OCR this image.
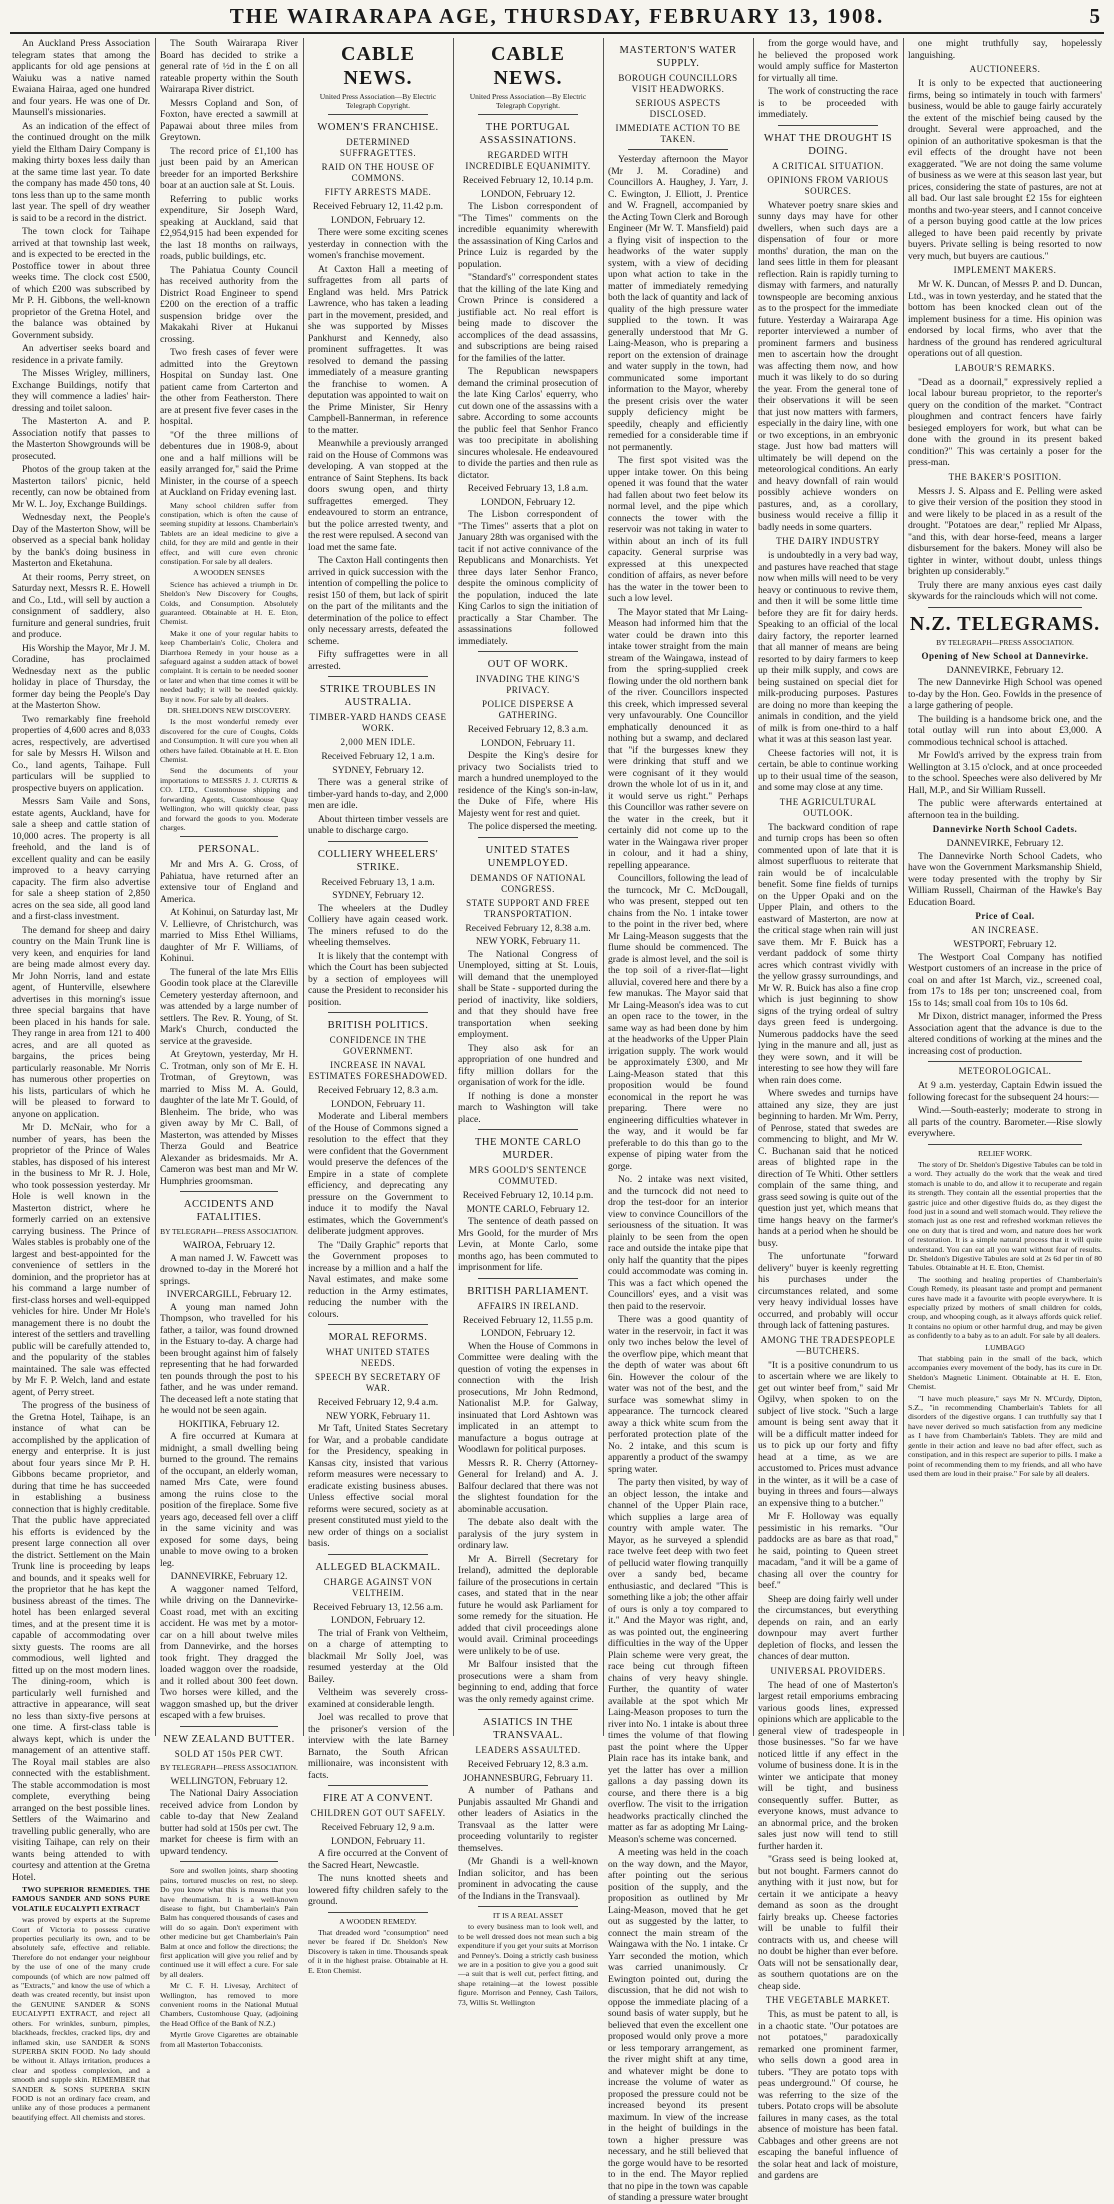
THE WAIRARAPA AGE, THURSDAY, FEBRUARY 13, 1908.	5

An Auckland Press Association telegram states that among the applicants for old age pensions at Waiuku was a native named Ewaiana Hairaa, aged one hundred and four years. He was one of Dr. Maunsell's missionaries.

As an indication of the effect of the continued drought on the milk yield the Eltham Dairy Company is making thirty boxes less daily than at the same time last year. To date the company has made 450 tons, 40 tons less than up to the same month last year. The spell of dry weather is said to be a record in the district.

The town clock for Taihape arrived at that township last week, and is expected to be erected in the Postoffice tower in about three weeks time. The clock cost £500, of which £200 was subscribed by Mr P. H. Gibbons, the well-known proprietor of the Gretna Hotel, and the balance was obtained by Government subsidy.

An advertiser seeks board and residence in a private family.

The Misses Wrigley, milliners, Exchange Buildings, notify that they will commence a ladies' hair-dressing and toilet saloon.

The Masterton A. and P. Association notify that passes to the Masterton Showgrounds will be prosecuted.

Photos of the group taken at the Masterton tailors' picnic, held recently, can now be obtained from Mr W. L. Joy, Exchange Buildings.

Wednesday next, the People's Day of the Masterton Show, will be observed as a special bank holiday by the bank's doing business in Masterton and Eketahuna.

At their rooms, Perry street, on Saturday next, Messrs R. E. Howell and Co., Ltd., will sell by auction a consignment of saddlery, also furniture and general sundries, fruit and produce.

His Worship the Mayor, Mr J. M. Coradine, has proclaimed Wednesday next as the public holiday in place of Thursday, the former day being the People's Day at the Masterton Show.

Two remarkably fine freehold properties of 4,600 acres and 8,033 acres, respectively, are advertised for sale by Messrs H. Wilson and Co., land agents, Taihape. Full particulars will be supplied to prospective buyers on application.

Messrs Sam Vaile and Sons, estate agents, Auckland, have for sale a sheep and cattle station of 10,000 acres. The property is all freehold, and the land is of excellent quality and can be easily improved to a heavy carrying capacity. The firm also advertise for sale a sheep station of 2,850 acres on the sea side, all good land and a first-class investment.

The demand for sheep and dairy country on the Main Trunk line is very keen, and enquiries for land are being made almost every day. Mr John Norris, land and estate agent, of Hunterville, elsewhere advertises in this morning's issue three special bargains that have been placed in his hands for sale. They range in area from 121 to 400 acres, and are all quoted as bargains, the prices being particularly reasonable. Mr Norris has numerous other properties on his lists, particulars of which he will be pleased to forward to anyone on application.

Mr D. McNair, who for a number of years, has been the proprietor of the Prince of Wales stables, has disposed of his interest in the business to Mr R. J. Hole, who took possession yesterday. Mr Hole is well known in the Masterton district, where he formerly carried on an extensive carrying business. The Prince of Wales stables is probably one of the largest and best-appointed for the convenience of settlers in the dominion, and the proprietor has at his command a large number of first-class horses and well-equipped vehicles for hire. Under Mr Hole's management there is no doubt the interest of the settlers and travelling public will be carefully attended to, and the popularity of the stables maintained. The sale was effected by Mr F. P. Welch, land and estate agent, of Perry street.

The progress of the business of the Gretna Hotel, Taihape, is an instance of what can be accomplished by the application of energy and enterprise. It is just about four years since Mr P. H. Gibbons became proprietor, and during that time he has succeeded in establishing a business connection that is highly creditable. That the public have appreciated his efforts is evidenced by the present large connection all over the district. Settlement on the Main Trunk line is proceeding by leaps and bounds, and it speaks well for the proprietor that he has kept the business abreast of the times. The hotel has been enlarged several times, and at the present time it is capable of accommodating over sixty guests. The rooms are all commodious, well lighted and fitted up on the most modern lines. The dining-room, which is particularly well furnished and attractive in appearance, will seat no less than sixty-five persons at one time. A first-class table is always kept, which is under the management of an attentive staff. The Royal mail stables are also connected with the establishment. The stable accommodation is most complete, everything being arranged on the best possible lines. Settlers of the Waimarino and travelling public generally, who are visiting Taihape, can rely on their wants being attended to with courtesy and attention at the Gretna Hotel.

TWO SUPERIOR REMEDIES. THE FAMOUS SANDER AND SONS PURE VOLATILE EUCALYPTI EXTRACT

was proved by experts at the Supreme Court of Victoria to possess curative properties peculiarly its own, and to be absolutely safe, effective and reliable. Therefore do not endanger your neighbour by the use of one of the many crude compounds (of which are now palmed off as "Extracts," and know the use of which a death was created recently, but insist upon the GENUINE SANDER & SONS EUCALYPTI EXTRACT, and reject all others. For wrinkles, sunburn, pimples, blackheads, freckles, cracked lips, dry and inflamed skin, use SANDER & SONS SUPERBA SKIN FOOD. No lady should be without it. Allays irritation, produces a clear and spotless complexion, and a smooth and supple skin. REMEMBER that SANDER & SONS SUPERBA SKIN FOOD is not an ordinary face cream, and unlike any of those produces a permanent beautifying effect. All chemists and stores.

The South Wairarapa River Board has decided to strike a general rate of ½d in the £ on all rateable property within the South Wairarapa River district.

Messrs Copland and Son, of Foxton, have erected a sawmill at Papawai about three miles from Greytown.

The record price of £1,100 has just been paid by an American breeder for an imported Berkshire boar at an auction sale at St. Louis.

Referring to public works expenditure, Sir Joseph Ward, speaking at Auckland, said that £2,954,915 had been expended for the last 18 months on railways, roads, public buildings, etc.

The Pahiatua County Council has received authority from the District Road Engineer to spend £200 on the erection of a traffic suspension bridge over the Makakahi River at Hukanui crossing.

Two fresh cases of fever were admitted into the Greytown Hospital on Sunday last. One patient came from Carterton and the other from Featherston. There are at present five fever cases in the hospital.

"Of the three millions of debentures due in 1908-9, about one and a half millions will be easily arranged for," said the Prime Minister, in the course of a speech at Auckland on Friday evening last.

Many school children suffer from constipation, which is often the cause of seeming stupidity at lessons. Chamberlain's Tablets are an ideal medicine to give a child, for they are mild and gentle in their effect, and will cure even chronic constipation. For sale by all dealers.

A WOODEN SENSES

Science has achieved a triumph in Dr. Sheldon's New Discovery for Coughs, Colds, and Consumption. Absolutely guaranteed. Obtainable at H. E. Eton, Chemist.

Make it one of your regular habits to keep Chamberlain's Colic, Cholera and Diarrhoea Remedy in your house as a safeguard against a sudden attack of bowel complaint. It is certain to be needed sooner or later and when that time comes it will be needed badly; it will be needed quickly. Buy it now. For sale by all dealers.

DR. SHELDON'S NEW DISCOVERY.

Is the most wonderful remedy ever discovered for the cure of Coughs, Colds and Consumption. It will cure you when all others have failed. Obtainable at H. E. Eton Chemist.

Send the documents of your importations to MESSRS J. J. CURTIS & CO. LTD., Customhouse shipping and forwarding Agents, Customhouse Quay Wellington, who will quickly clear, pass and forward the goods to you. Moderate charges.

PERSONAL.

Mr and Mrs A. G. Cross, of Pahiatua, have returned after an extensive tour of England and America.

At Kohinui, on Saturday last, Mr V. Lellievre, of Christchurch, was married to Miss Ethel Williams, daughter of Mr F. Williams, of Kohinui.

The funeral of the late Mrs Ellis Goodin took place at the Clareville Cemetery yesterday afternoon, and was attended by a large number of settlers. The Rev. R. Young, of St. Mark's Church, conducted the service at the graveside.

At Greytown, yesterday, Mr H. C. Trotman, only son of Mr E. H. Trotman, of Greytown, was married to Miss M. A. Gould, daughter of the late Mr T. Gould, of Blenheim. The bride, who was given away by Mr C. Ball, of Masterton, was attended by Misses Therza Gould and Beatrice Alexander as bridesmaids. Mr A. Cameron was best man and Mr W. Humphries groomsman.

ACCIDENTS AND FATALITIES.
BY TELEGRAPH—PRESS ASSOCIATION.
WAIROA, February 12.

A man named J. W. Fawcett was drowned to-day in the Moreré hot springs.

INVERCARGILL, February 12.

A young man named John Thompson, who travelled for his father, a tailor, was found drowned in the Estuary to-day. A charge had been brought against him of falsely representing that he had forwarded ten pounds through the post to his father, and he was under remand. The deceased left a note stating that he would not be seen again.

HOKITIKA, February 12.

A fire occurred at Kumara at midnight, a small dwelling being burned to the ground. The remains of the occupant, an elderly woman, named Mrs Cate, were found among the ruins close to the position of the fireplace. Some five years ago, deceased fell over a cliff in the same vicinity and was exposed for some days, being unable to move owing to a broken leg.

DANNEVIRKE, February 12.

A waggoner named Telford, while driving on the Dannevirke-Coast road, met with an exciting accident. He was met by a motor-car on a hill about twelve miles from Dannevirke, and the horses took fright. They dragged the loaded waggon over the roadside, and it rolled about 300 feet down. Two horses were killed, and the waggon smashed up, but the driver escaped with a few bruises.

NEW ZEALAND BUTTER.
SOLD AT 150s PER CWT.
BY TELEGRAPH—PRESS ASSOCIATION.
WELLINGTON, February 12.

The National Dairy Association received advice from London by cable to-day that New Zealand butter had sold at 150s per cwt. The market for cheese is firm with an upward tendency.

Sore and swollen joints, sharp shooting pains, tortured muscles on rest, no sleep. Do you know what this is means that you have rheumatism. It is a well-known disease to fight, but Chamberlain's Pain Balm has conquered thousands of cases and will do so again. Don't experiment with other medicine but get Chamberlain's Pain Balm at once and follow the directions; the first application will give you relief and by continued use it will effect a cure. For sale by all dealers.

Mr C. F. H. Livesay, Architect of Wellington, has removed to more convenient rooms in the National Mutual Chambers, Customhouse Quay, (adjoining the Head Office of the Bank of N.Z.)

Myrtle Grove Cigarettes are obtainable from all Masterton Tobacconists.

CABLE NEWS.
United Press Association—By Electric Telegraph Copyright.
WOMEN'S FRANCHISE.
DETERMINED SUFFRAGETTES.
RAID ON THE HOUSE OF COMMONS.
FIFTY ARRESTS MADE.
Received February 12, 11.42 p.m.
LONDON, February 12.

There were some exciting scenes yesterday in connection with the women's franchise movement.

At Caxton Hall a meeting of suffragettes from all parts of England was held. Mrs Patrick Lawrence, who has taken a leading part in the movement, presided, and she was supported by Misses Pankhurst and Kennedy, also prominent suffragettes. It was resolved to demand the passing immediately of a measure granting the franchise to women. A deputation was appointed to wait on the Prime Minister, Sir Henry Campbell-Bannerman, in reference to the matter.

Meanwhile a previously arranged raid on the House of Commons was developing. A van stopped at the entrance of Saint Stephens. Its back doors swung open, and thirty suffragettes emerged. They endeavoured to storm an entrance, but the police arrested twenty, and the rest were repulsed. A second van load met the same fate.

The Caxton Hall contingents then arrived in quick succession with the intention of compelling the police to resist 150 of them, but lack of spirit on the part of the militants and the determination of the police to effect only necessary arrests, defeated the scheme.

Fifty suffragettes were in all arrested.

STRIKE TROUBLES IN AUSTRALIA.
TIMBER-YARD HANDS CEASE WORK.
2,000 MEN IDLE.
Received February 12, 1 a.m.
SYDNEY, February 12.

There was a general strike of timber-yard hands to-day, and 2,000 men are idle.

About thirteen timber vessels are unable to discharge cargo.

COLLIERY WHEELERS' STRIKE.
Received February 13, 1 a.m.
SYDNEY, February 12.

The wheelers at the Dudley Colliery have again ceased work. The miners refused to do the wheeling themselves.

It is likely that the contempt with which the Court has been subjected by a section of employees will cause the President to reconsider his position.

BRITISH POLITICS.
CONFIDENCE IN THE GOVERNMENT.
INCREASE IN NAVAL ESTIMATES FORESHADOWED.
Received February 12, 8.3 a.m.
LONDON, February 11.

Moderate and Liberal members of the House of Commons signed a resolution to the effect that they were confident that the Government would preserve the defences of the Empire in a state of complete efficiency, and deprecating any pressure on the Government to induce it to modify the Naval estimates, which the Government's deliberate judgment approves.

The "Daily Graphic" reports that the Government proposes to increase by a million and a half the Naval estimates, and make some reduction in the Army estimates, reducing the number with the colours.

MORAL REFORMS.
WHAT UNITED STATES NEEDS.
SPEECH BY SECRETARY OF WAR.
Received February 12, 9.4 a.m.
NEW YORK, February 11.

Mr Taft, United States Secretary for War, and a probable candidate for the Presidency, speaking in Kansas city, insisted that various reform measures were necessary to eradicate existing business abuses. Unless effective social moral reforms were secured, society as at present constituted must yield to the new order of things on a socialist basis.

ALLEGED BLACKMAIL.
CHARGE AGAINST VON VELTHEIM.
Received February 13, 12.56 a.m.
LONDON, February 12.

The trial of Frank von Veltheim, on a charge of attempting to blackmail Mr Solly Joel, was resumed yesterday at the Old Bailey.

Veltheim was severely cross-examined at considerable length.

Joel was recalled to prove that the prisoner's version of the interview with the late Barney Barnato, the South African millionaire, was inconsistent with facts.

FIRE AT A CONVENT.
CHILDREN GOT OUT SAFELY.
Received February 12, 9 a.m.
LONDON, February 11.

A fire occurred at the Convent of the Sacred Heart, Newcastle.

The nuns knotted sheets and lowered fifty children safely to the ground.

A WOODEN REMEDY.

That dreaded word "consumption" need never be feared if Dr. Sheldon's New Discovery is taken in time. Thousands speak of it in the highest praise. Obtainable at H. E. Eton Chemist.

CABLE NEWS.
United Press Association—By Electric Telegraph Copyright.
THE PORTUGAL ASSASSINATIONS.
REGARDED WITH INCREDIBLE EQUANIMITY.
Received February 12, 10.14 p.m.
LONDON, February 12.

The Lisbon correspondent of "The Times" comments on the incredible equanimity wherewith the assassination of King Carlos and Prince Luiz is regarded by the population.

"Standard's" correspondent states that the killing of the late King and Crown Prince is considered a justifiable act. No real effort is being made to discover the accomplices of the dead assassins, and subscriptions are being raised for the families of the latter.

The Republican newspapers demand the criminal prosecution of the late King Carlos' equerry, who cut down one of the assassins with a sabre. According to some accounts the public feel that Senhor Franco was too precipitate in abolishing sincures wholesale. He endeavoured to divide the parties and then rule as dictator.

Received February 13, 1.8 a.m.
LONDON, February 12.

The Lisbon correspondent of "The Times" asserts that a plot on January 28th was organised with the tacit if not active connivance of the Republicans and Monarchists. Yet three days later Senhor Franco, despite the ominous complicity of the population, induced the late King Carlos to sign the initiation of practically a Star Chamber. The assassinations followed immediately.

OUT OF WORK.
INVADING THE KING'S PRIVACY.
POLICE DISPERSE A GATHERING.
Received February 12, 8.3 a.m.
LONDON, February 11.

Despite the King's desire for privacy two Socialists tried to march a hundred unemployed to the residence of the King's son-in-law, the Duke of Fife, where His Majesty went for rest and quiet.

The police dispersed the meeting.

UNITED STATES UNEMPLOYED.
DEMANDS OF NATIONAL CONGRESS.
STATE SUPPORT AND FREE TRANSPORTATION.
Received February 12, 8.38 a.m.
NEW YORK, February 11.

The National Congress of Unemployed, sitting at St. Louis, will demand that the unemployed shall be State - supported during the period of inactivity, like soldiers, and that they should have free transportation when seeking employment.

They also ask for an appropriation of one hundred and fifty million dollars for the organisation of work for the idle.

If nothing is done a monster march to Washington will take place.

THE MONTE CARLO MURDER.
MRS GOOLD'S SENTENCE COMMUTED.
Received February 12, 10.14 p.m.
MONTE CARLO, February 12.

The sentence of death passed on Mrs Goold, for the murder of Mrs Levin, at Monte Carlo, some months ago, has been commuted to imprisonment for life.

BRITISH PARLIAMENT.
AFFAIRS IN IRELAND.
Received February 12, 11.55 p.m.
LONDON, February 12.

When the House of Commons in Committee were dealing with the question of voting the expenses in connection with the Irish prosecutions, Mr John Redmond, Nationalist M.P. for Galway, insinuated that Lord Ashtown was implicated in an attempt to manufacture a bogus outrage at Woodlawn for political purposes.

Messrs R. R. Cherry (Attorney-General for Ireland) and A. J. Balfour declared that there was not the slightest foundation for the abominable accusation.

The debate also dealt with the paralysis of the jury system in ordinary law.

Mr A. Birrell (Secretary for Ireland), admitted the deplorable failure of the prosecutions in certain cases, and stated that in the near future he would ask Parliament for some remedy for the situation. He added that civil proceedings alone would avail. Criminal proceedings were unlikely to be of use.

Mr Balfour insisted that the prosecutions were a sham from beginning to end, adding that force was the only remedy against crime.

ASIATICS IN THE TRANSVAAL.
LEADERS ASSAULTED.
Received February 12, 8.3 a.m.
JOHANNESBURG, February 11.

A number of Pathans and Punjabis assaulted Mr Ghandi and other leaders of Asiatics in the Transvaal as the latter were proceeding voluntarily to register themselves.

(Mr Ghandi is a well-known Indian solicitor, and has been prominent in advocating the cause of the Indians in the Transvaal).

IT IS A REAL ASSET

to every business man to look well, and to be well dressed does not mean such a big expenditure if you get your suits at Morrison and Penney's. Doing a strictly cash business we are in a position to give you a good suit—a suit that is well cut, perfect fitting, and shape retaining—at the lowest possible figure. Morrison and Penney, Cash Tailors, 73, Willis St. Wellington

MASTERTON'S WATER SUPPLY.
BOROUGH COUNCILLORS VISIT HEADWORKS.
SERIOUS ASPECTS DISCLOSED.
IMMEDIATE ACTION TO BE TAKEN.

Yesterday afternoon the Mayor (Mr J. M. Coradine) and Councillors A. Haughey, J. Yarr, J. C. Ewington, J. Elliott, J. Prentice and W. Fragnell, accompanied by the Acting Town Clerk and Borough Engineer (Mr W. T. Mansfield) paid a flying visit of inspection to the headworks of the water supply system, with a view of deciding upon what action to take in the matter of immediately remedying both the lack of quantity and lack of quality of the high pressure water supplied to the town. It was generally understood that Mr G. Laing-Meason, who is preparing a report on the extension of drainage and water supply in the town, had communicated some important information to the Mayor, whereby the present crisis over the water supply deficiency might be speedily, cheaply and efficiently remedied for a considerable time if not permanently.

The first spot visited was the upper intake tower. On this being opened it was found that the water had fallen about two feet below its normal level, and the pipe which connects the tower with the reservoir was not taking in water to within about an inch of its full capacity. General surprise was expressed at this unexpected condition of affairs, as never before has the water in the tower been to such a low level.

The Mayor stated that Mr Laing-Meason had informed him that the water could be drawn into this intake tower straight from the main stream of the Waingawa, instead of from the spring-supplied creek flowing under the old northern bank of the river. Councillors inspected this creek, which impressed several very unfavourably. One Councillor emphatically denounced it as nothing but a swamp, and declared that "if the burgesses knew they were drinking that stuff and we were cognisant of it they would drown the whole lot of us in it, and it would serve us right." Perhaps this Councillor was rather severe on the water in the creek, but it certainly did not come up to the water in the Waingawa river proper in colour, and it had a shiny, repelling appearance.

Councillors, following the lead of the turncock, Mr C. McDougall, who was present, stepped out ten chains from the No. 1 intake tower to the point in the river bed, where Mr Laing-Meason suggests that the flume should be commenced. The grade is almost level, and the soil is the top soil of a river-flat—light alluvial, covered here and there by a few manukas. The Mayor said that Mr Laing-Meason's idea was to cut an open race to the tower, in the same way as had been done by him at the headworks of the Upper Plain irrigation supply. The work would be approximately £300, and Mr Laing-Meason stated that this proposition would be found economical in the report he was preparing. There were no engineering difficulties whatever in the way, and it would be far preferable to do this than go to the expense of piping water from the gorge.

No. 2 intake was next visited, and the turncock did not need to drop the test-door for an interior view to convince Councillors of the seriousness of the situation. It was plainly to be seen from the open race and outside the intake pipe that only half the quantity that the pipes could accommodate was coming in. This was a fact which opened the Councillors' eyes, and a visit was then paid to the reservoir.

There was a good quantity of water in the reservoir, in fact it was only two inches below the level of the overflow pipe, which meant that the depth of water was about 6ft 6in. However the colour of the water was not of the best, and the surface was somewhat slimy in appearance. The turncock cleared away a thick white scum from the perforated protection plate of the No. 2 intake, and this scum is apparently a product of the swampy spring water.

The party then visited, by way of an object lesson, the intake and channel of the Upper Plain race, which supplies a large area of country with ample water. The Mayor, as he surveyed a splendid race twelve feet deep with two feet of pellucid water flowing tranquilly over a sandy bed, became enthusiastic, and declared "This is something like a job; the other affair of ours is only a toy compared to it." And the Mayor was right, and, as was pointed out, the engineering difficulties in the way of the Upper Plain scheme were very great, the race being cut through fifteen chains of very heavy shingle. Further, the quantity of water available at the spot which Mr Laing-Meason proposes to turn the river into No. 1 intake is about three times the volume of that flowing past the point where the Upper Plain race has its intake bank, and yet the latter has over a million gallons a day passing down its course, and there there is a big overflow. The visit to the irrigation headworks practically clinched the matter as far as adopting Mr Laing-Meason's scheme was concerned.

A meeting was held in the coach on the way down, and the Mayor, after pointing out the serious position of the supply, and the proposition as outlined by Mr Laing-Meason, moved that he get out as suggested by the latter, to connect the main stream of the Waingawa with the No. 1 intake. Cr Yarr seconded the motion, which was carried unanimously. Cr Ewington pointed out, during the discussion, that he did not wish to oppose the immediate placing of a sound basis of water supply, but he believed that even the excellent one proposed would only prove a more or less temporary arrangement, as the river might shift at any time, and whatever might be done to increase the volume of water as proposed the pressure could not be increased beyond its present maximum. In view of the increase in the height of buildings in the town a higher pressure was necessary, and he still believed that the gorge would have to be resorted to in the end. The Mayor replied that no pipe in the town was capable of standing a pressure water brought

from the gorge would have, and he believed the proposed work would amply suffice for Masterton for virtually all time.

The work of constructing the race is to be proceeded with immediately.

WHAT THE DROUGHT IS DOING.
A CRITICAL SITUATION.
OPINIONS FROM VARIOUS SOURCES.

Whatever poetry snare skies and sunny days may have for other dwellers, when such days are a dispensation of four or more months' duration, the man on the land sees little in them for pleasant reflection. Rain is rapidly turning to dismay with farmers, and naturally townspeople are becoming anxious as to the prospect for the immediate future. Yesterday a Wairarapa Age reporter interviewed a number of prominent farmers and business men to ascertain how the drought was affecting them now, and how much it was likely to do so during the year. From the general tone of their observations it will be seen that just now matters with farmers, especially in the dairy line, with one or two exceptions, in an embryonic stage. Just how bad matters will ultimately be will depend on the meteorological conditions. An early and heavy downfall of rain would possibly achieve wonders on pastures, and, as a corollary, business would receive a fillip it badly needs in some quarters.

THE DAIRY INDUSTRY

is undoubtedly in a very bad way, and pastures have reached that stage now when mills will need to be very heavy or continuous to revive them, and then it will be some little time before they are fit for dairy herds. Speaking to an official of the local dairy factory, the reporter learned that all manner of means are being resorted to by dairy farmers to keep up their milk supply, and cows are being sustained on special diet for milk-producing purposes. Pastures are doing no more than keeping the animals in condition, and the yield of milk is from one-third to a half what it was at this season last year.

Cheese factories will not, it is certain, be able to continue working up to their usual time of the season, and some may close at any time.

THE AGRICULTURAL OUTLOOK.

The backward condition of rape and turnip crops has been so often commented upon of late that it is almost superfluous to reiterate that rain would be of incalculable benefit. Some fine fields of turnips on the Upper Opaki and on the Upper Plain, and others to the eastward of Masterton, are now at the critical stage when rain will just save them. Mr F. Buick has a verdant paddock of some thirty acres which contrast vividly with the yellow grassy surroundings, and Mr W. R. Buick has also a fine crop which is just beginning to show signs of the trying ordeal of sultry days green feed is undergoing. Numerous paddocks have the seed lying in the manure and all, just as they were sown, and it will be interesting to see how they will fare when rain does come.

Where swedes and turnips have attained any size, they are just beginning to harden. Mr Wm. Perry, of Penrose, stated that swedes are commencing to blight, and Mr W. C. Buchanan said that he noticed areas of blighted rape in the direction of Te Whiti. Other settlers complain of the same thing, and grass seed sowing is quite out of the question just yet, which means that time hangs heavy on the farmer's hands at a period when he should be busy.

The unfortunate "forward delivery" buyer is keenly regretting his purchases under the circumstances related, and some very heavy individual losses have occurred, and probably will occur through lack of fattening pastures.

AMONG THE TRADESPEOPLE—BUTCHERS.

"It is a positive conundrum to us to ascertain where we are likely to get out winter beef from," said Mr Ogilvy, when spoken to on the subject of live stock. "Such a large amount is being sent away that it will be a difficult matter indeed for us to pick up our forty and fifty head at a time, as we are accustomed to. Prices must advance in the winter, as it will be a case of buying in threes and fours—always an expensive thing to a butcher."

Mr F. Holloway was equally pessimistic in his remarks. "Our paddocks are as bare as that road," he said, pointing to Queen street macadam, "and it will be a game of chasing all over the country for beef."

Sheep are doing fairly well under the circumstances, but everything depends on rain, and an early downpour may avert further depletion of flocks, and lessen the chances of dear mutton.

UNIVERSAL PROVIDERS.

The head of one of Masterton's largest retail emporiums embracing various goods lines, expressed opinions which are applicable to the general view of tradespeople in those businesses. "So far we have noticed little if any effect in the volume of business done. It is in the winter we anticipate that money will be tight, and business consequently suffer. Butter, as everyone knows, must advance to an abnormal price, and the broken sales just now will tend to still further harden it.

"Grass seed is being looked at, but not bought. Farmers cannot do anything with it just now, but for certain it we anticipate a heavy demand as soon as the drought fairly breaks up. Cheese factories will be unable to fulfil their contracts with us, and cheese will no doubt be higher than ever before. Oats will not be sensationally dear, as southern quotations are on the cheap side.

THE VEGETABLE MARKET.

This, as must be patent to all, is in a chaotic state. "Our potatoes are not potatoes," paradoxically remarked one prominent farmer, who sells down a good area in tubers. "They are potato tops with peas underground." Of course, he was referring to the size of the tubers. Potato crops will be absolute failures in many cases, as the total absence of moisture has been fatal. Cabbages and other greens are not escaping the baneful influence of the solar heat and lack of moisture, and gardens are

one might truthfully say, hopelessly languishing.

AUCTIONEERS.

It is only to be expected that auctioneering firms, being so intimately in touch with farmers' business, would be able to gauge fairly accurately the extent of the mischief being caused by the drought. Several were approached, and the opinion of an authoritative spokesman is that the evil effects of the drought have not been exaggerated. "We are not doing the same volume of business as we were at this season last year, but prices, considering the state of pastures, are not at all bad. Our last sale brought £2 15s for eighteen months and two-year steers, and I cannot conceive of a person buying good cattle at the low prices alleged to have been paid recently by private buyers. Private selling is being resorted to now very much, but buyers are cautious."

IMPLEMENT MAKERS.

Mr W. K. Duncan, of Messrs P. and D. Duncan, Ltd., was in town yesterday, and he stated that the bottom has been knocked clean out of the implement business for a time. His opinion was endorsed by local firms, who aver that the hardness of the ground has rendered agricultural operations out of all question.

LABOUR'S REMARKS.

"Dead as a doornail," expressively replied a local labour bureau proprietor, to the reporter's query on the condition of the market. "Contract ploughmen and contract fencers have fairly besieged employers for work, but what can be done with the ground in its present baked condition?" This was certainly a poser for the press-man.

THE BAKER'S POSITION.

Messrs J. S. Alpass and E. Pelling were asked to give their version of the position they stood in and were likely to be placed in as a result of the drought. "Potatoes are dear," replied Mr Alpass, "and this, with dear horse-feed, means a larger disbursement for the bakers. Money will also be tighter in winter, without doubt, unless things brighten up considerably."

Truly there are many anxious eyes cast daily skywards for the rainclouds which will not come.

N.Z. TELEGRAMS.
BY TELEGRAPH—PRESS ASSOCIATION.
Opening of New School at Dannevirke.
DANNEVIRKE, February 12.

The new Dannevirke High School was opened to-day by the Hon. Geo. Fowlds in the presence of a large gathering of people.

The building is a handsome brick one, and the total outlay will run into about £3,000. A commodious technical school is attached.

Mr Fowld's arrived by the express train from Wellington at 3.15 o'clock, and at once proceeded to the school. Speeches were also delivered by Mr Hall, M.P., and Sir William Russell.

The public were afterwards entertained at afternoon tea in the building.

Dannevirke North School Cadets.
DANNEVIRKE, February 12.

The Dannevirke North School Cadets, who have won the Government Marksmanship Shield, were today presented with the trophy by Sir William Russell, Chairman of the Hawke's Bay Education Board.

Price of Coal.
AN INCREASE.
WESTPORT, February 12.

The Westport Coal Company has notified Westport customers of an increase in the price of coal on and after 1st March, viz., screened coal, from 17s to 18s per ton; unscreened coal, from 15s to 14s; small coal from 10s to 10s 6d.

Mr Dixon, district manager, informed the Press Association agent that the advance is due to the altered conditions of working at the mines and the increasing cost of production.

METEOROLOGICAL.

At 9 a.m. yesterday, Captain Edwin issued the following forecast for the subsequent 24 hours:—

Wind.—South-easterly; moderate to strong in all parts of the country. Barometer.—Rise slowly everywhere.

RELIEF WORK.

The story of Dr. Sheldon's Digestive Tabules can be told in a word. They actually do the work that the weak and tired stomach is unable to do, and allow it to recuperate and regain its strength. They contain all the essential properties that the gastric juice and other digestive fluids do, as they digest the food just in a sound and well stomach would. They relieve the stomach just as one rest and refreshed workman relieves the one on duty that is tired and worn, and nature does her work of restoration. It is a simple natural process that it will quite understand. You can eat all you want without fear of results. Dr. Sheldon's Digestive Tabules are sold at 2s 6d per tin of 80 Tabules. Obtainable at H. E. Eton, Chemist.

The soothing and healing properties of Chamberlain's Cough Remedy, its pleasant taste and prompt and permanent cures have made it a favourite with people everywhere. It is especially prized by mothers of small children for colds, croup, and whooping cough, as it always affords quick relief. It contains no opium or other harmful drug, and may be given as confidently to a baby as to an adult. For sale by all dealers.

LUMBAGO

That stabbing pain in the small of the back, which accompanies every movement of the body, has its cure in Dr. Sheldon's Magnetic Liniment. Obtainable at H. E. Eton, Chemist.

"I have much pleasure," says Mr N. M'Curdy, Dipton, S.Z., "in recommending Chamberlain's Tablets for all disorders of the digestive organs. I can truthfully say that I have never derived so much satisfaction from any medicine as I have from Chamberlain's Tablets. They are mild and gentle in their action and leave no bad after effect, such as constipation, and in this respect are superior to pills. I make a point of recommending them to my friends, and all who have used them are loud in their praise." For sale by all dealers.
